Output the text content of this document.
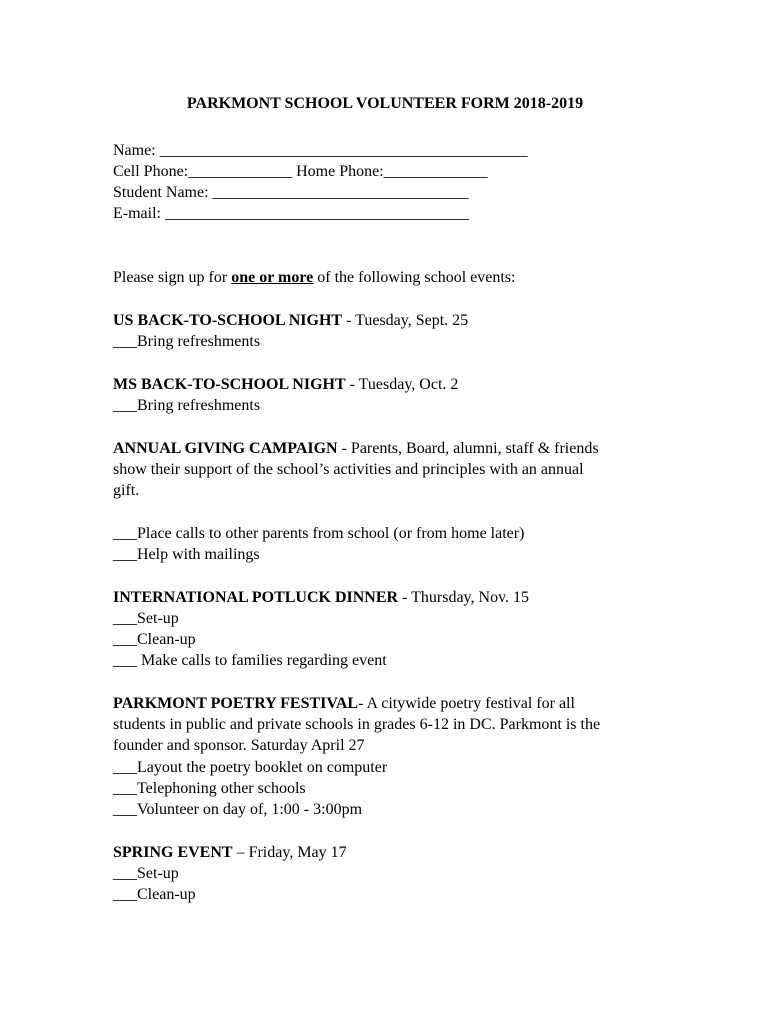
PARKMONT SCHOOL VOLUNTEER FORM 2018-2019
Name: ______________________________________________
Cell Phone:_____________ Home Phone:_____________
Student Name: ________________________________
E-mail: ______________________________________
Please sign up for one or more of the following school events:
US BACK-TO-SCHOOL NIGHT - Tuesday, Sept. 25
___Bring refreshments
MS BACK-TO-SCHOOL NIGHT - Tuesday, Oct. 2
___Bring refreshments
ANNUAL GIVING CAMPAIGN - Parents, Board, alumni, staff & friends
show their support of the school’s activities and principles with an annual
gift.
___Place calls to other parents from school (or from home later)
___Help with mailings
INTERNATIONAL POTLUCK DINNER - Thursday, Nov. 15
___Set-up
___Clean-up
___ Make calls to families regarding event
PARKMONT POETRY FESTIVAL- A citywide poetry festival for all
students in public and private schools in grades 6-12 in DC. Parkmont is the
founder and sponsor. Saturday April 27
___Layout the poetry booklet on computer
___Telephoning other schools
___Volunteer on day of, 1:00 - 3:00pm
SPRING EVENT – Friday, May 17
___Set-up
___Clean-up
